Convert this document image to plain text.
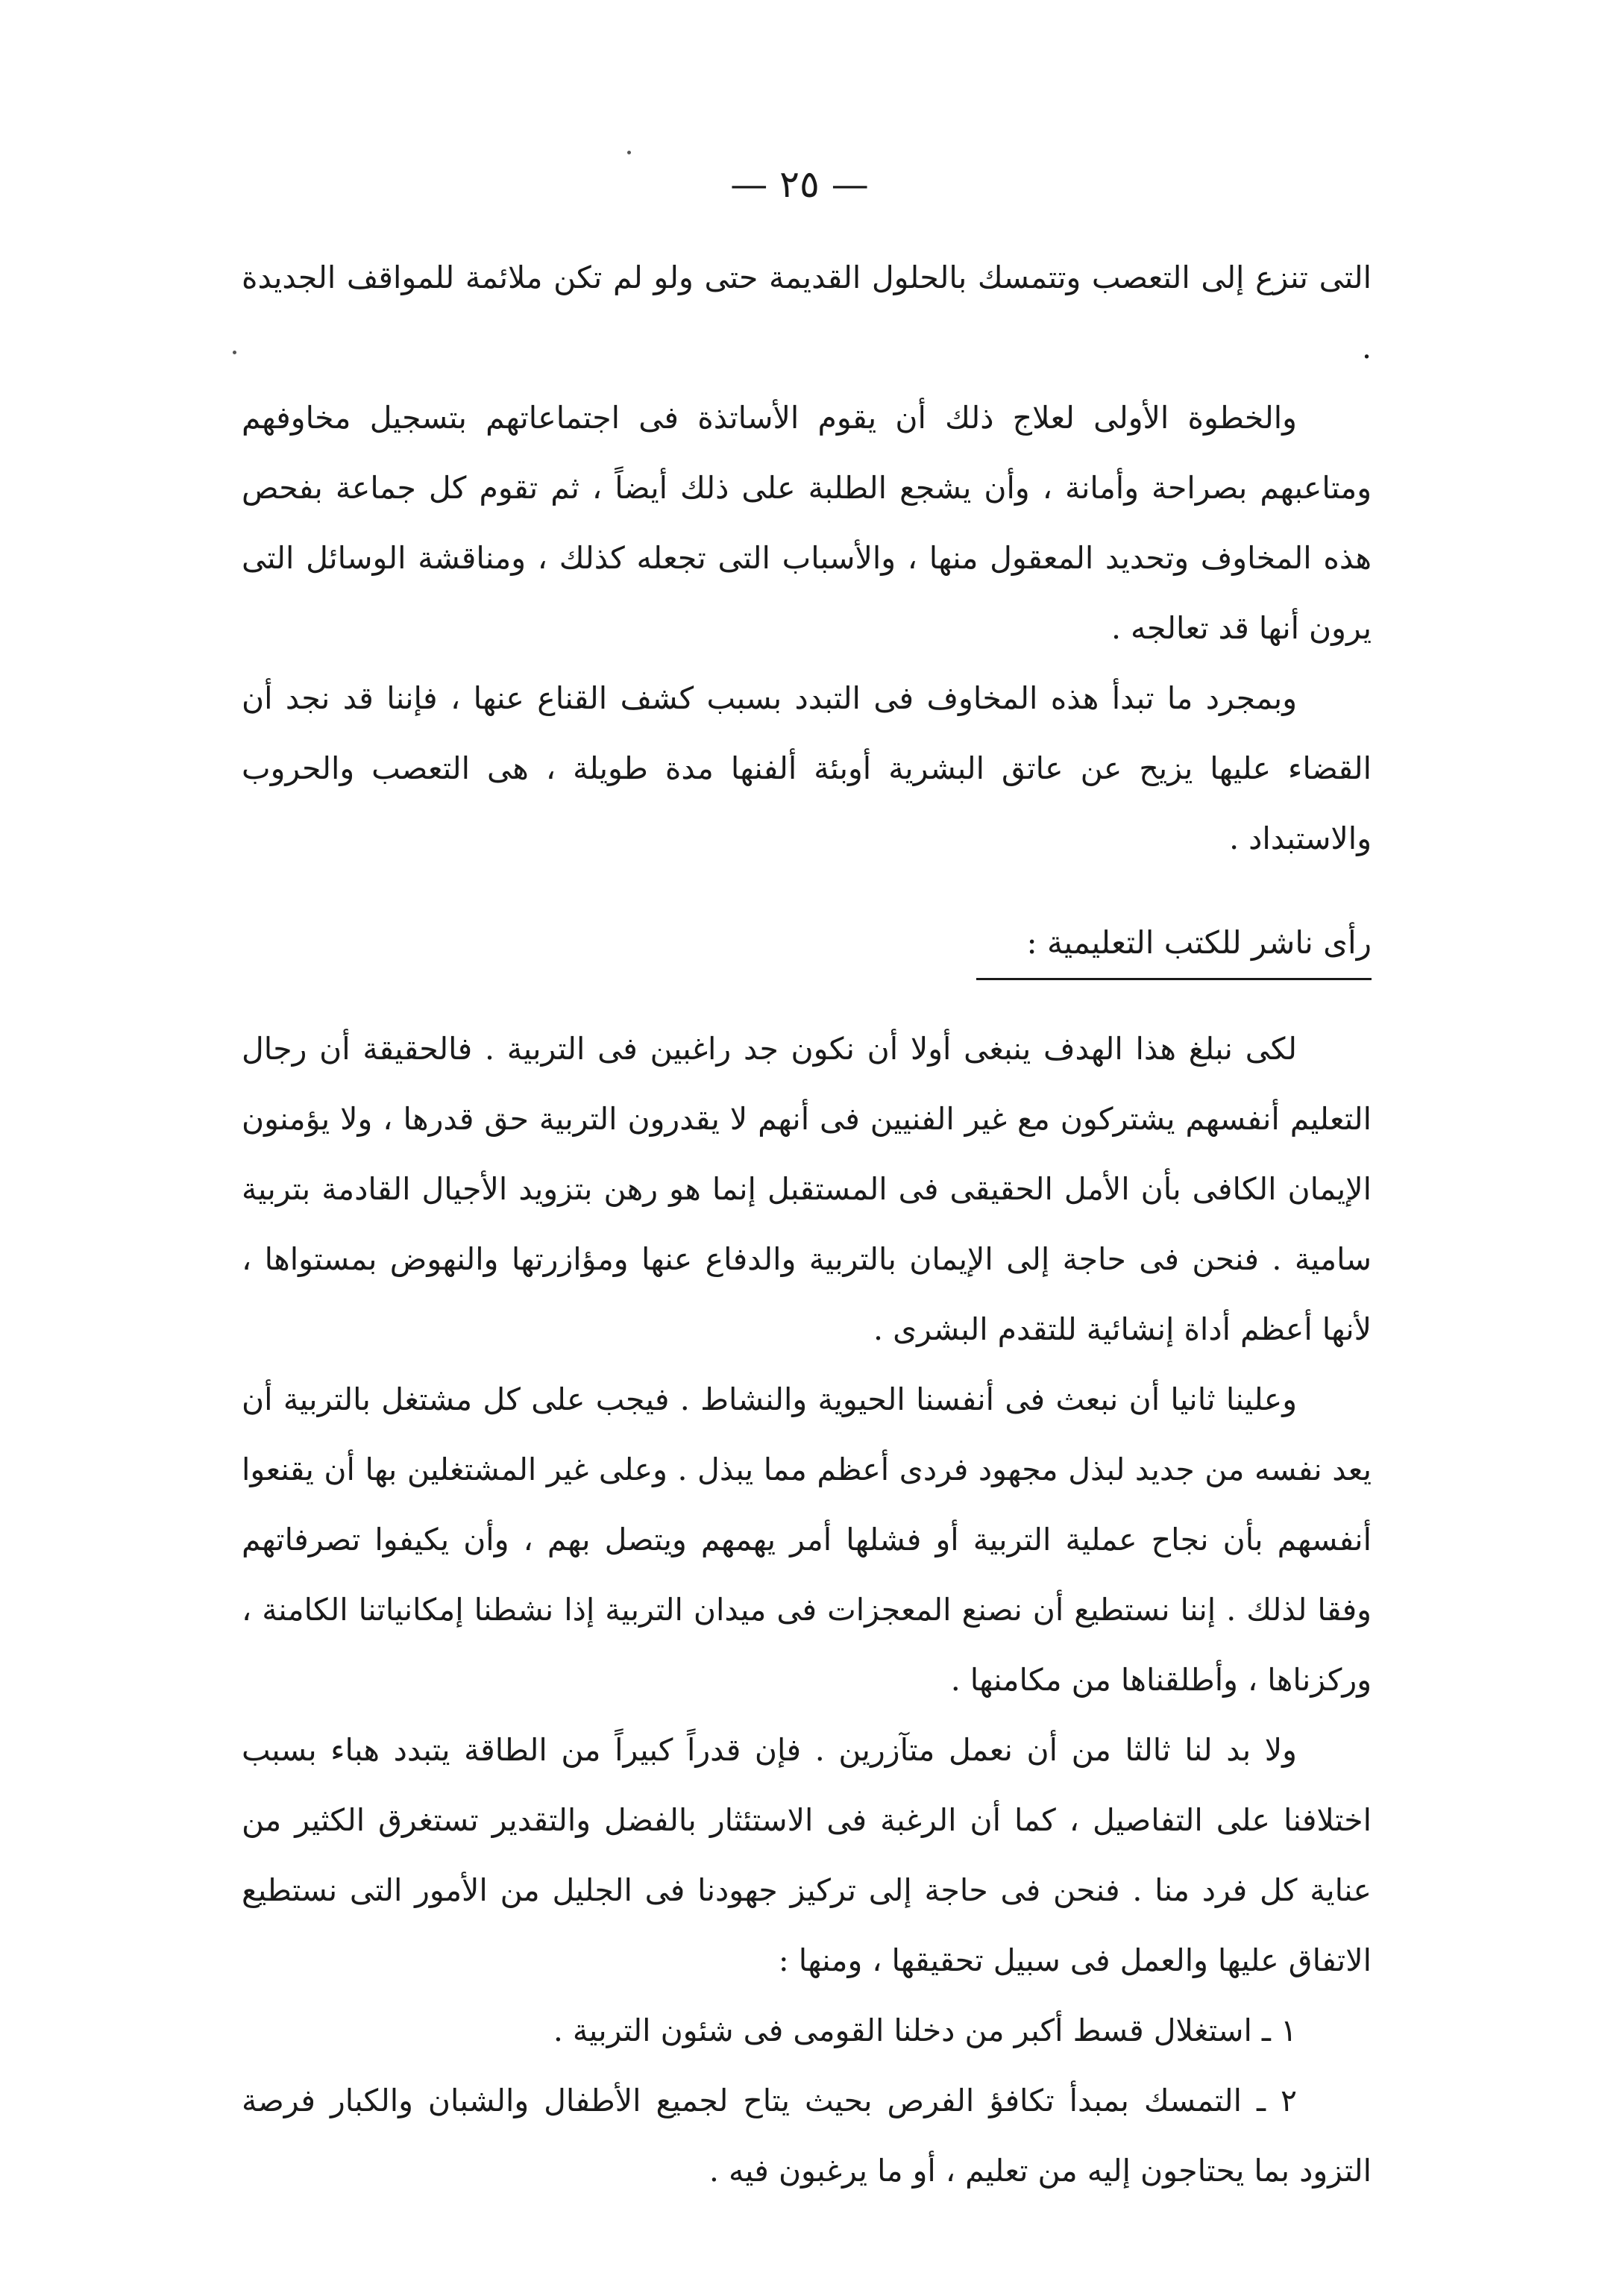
— ٢٥ —

التى تنزع إلى التعصب وتتمسك بالحلول القديمة حتى ولو لم تكن ملائمة للمواقف الجديدة .

والخطوة الأولى لعلاج ذلك أن يقوم الأساتذة فى اجتماعاتهم بتسجيل مخاوفهم ومتاعبهم بصراحة وأمانة ، وأن يشجع الطلبة على ذلك أيضاً ، ثم تقوم كل جماعة بفحص هذه المخاوف وتحديد المعقول منها ، والأسباب التى تجعله كذلك ، ومناقشة الوسائل التى يرون أنها قد تعالجه .

وبمجرد ما تبدأ هذه المخاوف فى التبدد بسبب كشف القناع عنها ، فإننا قد نجد أن القضاء عليها يزيح عن عاتق البشرية أوبئة ألفنها مدة طويلة ، هى التعصب والحروب والاستبداد .

رأى ناشر للكتب التعليمية :

لكى نبلغ هذا الهدف ينبغى أولا أن نكون جد راغبين فى التربية . فالحقيقة أن رجال التعليم أنفسهم يشتركون مع غير الفنيين فى أنهم لا يقدرون التربية حق قدرها ، ولا يؤمنون الإيمان الكافى بأن الأمل الحقيقى فى المستقبل إنما هو رهن بتزويد الأجيال القادمة بتربية سامية . فنحن فى حاجة إلى الإيمان بالتربية والدفاع عنها ومؤازرتها والنهوض بمستواها ، لأنها أعظم أداة إنشائية للتقدم البشرى .

وعلينا ثانيا أن نبعث فى أنفسنا الحيوية والنشاط . فيجب على كل مشتغل بالتربية أن يعد نفسه من جديد لبذل مجهود فردى أعظم مما يبذل . وعلى غير المشتغلين بها أن يقنعوا أنفسهم بأن نجاح عملية التربية أو فشلها أمر يهمهم ويتصل بهم ، وأن يكيفوا تصرفاتهم وفقا لذلك . إننا نستطيع أن نصنع المعجزات فى ميدان التربية إذا نشطنا إمكانياتنا الكامنة ، وركزناها ، وأطلقناها من مكامنها .

ولا بد لنا ثالثا من أن نعمل متآزرين . فإن قدراً كبيراً من الطاقة يتبدد هباء بسبب اختلافنا على التفاصيل ، كما أن الرغبة فى الاستئثار بالفضل والتقدير تستغرق الكثير من عناية كل فرد منا . فنحن فى حاجة إلى تركيز جهودنا فى الجليل من الأمور التى نستطيع الاتفاق عليها والعمل فى سبيل تحقيقها ، ومنها :

١ ـ استغلال قسط أكبر من دخلنا القومى فى شئون التربية .

٢ ـ التمسك بمبدأ تكافؤ الفرص بحيث يتاح لجميع الأطفال والشبان والكبار فرصة التزود بما يحتاجون إليه من تعليم ، أو ما يرغبون فيه .
